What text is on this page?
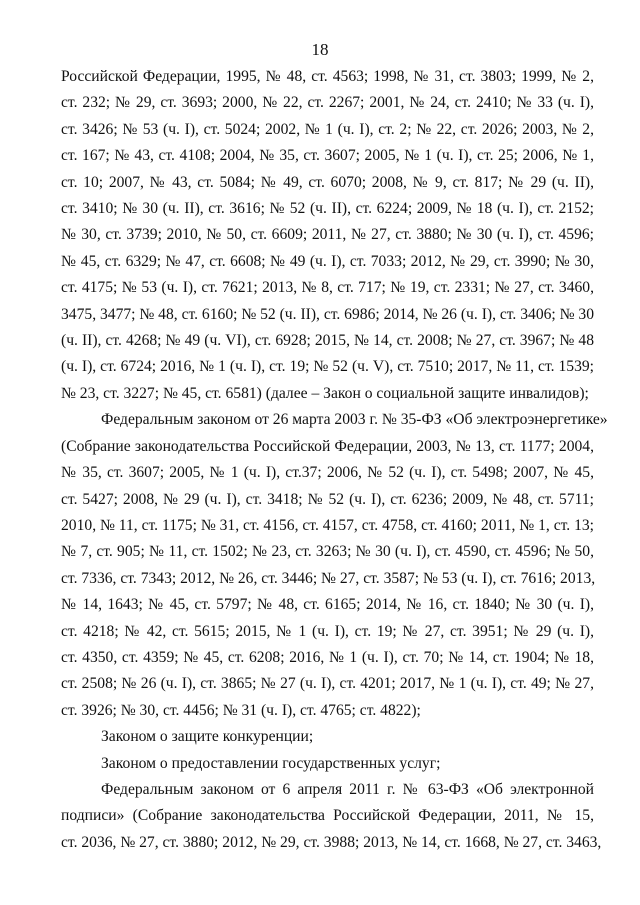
18
Российской Федерации, 1995, № 48, ст. 4563; 1998, № 31, ст. 3803; 1999, № 2,
ст. 232; № 29, ст. 3693; 2000, № 22, ст. 2267; 2001, № 24, ст. 2410; № 33 (ч. I),
ст. 3426; № 53 (ч. I), ст. 5024; 2002, № 1 (ч. I), ст. 2; № 22, ст. 2026; 2003, № 2,
ст. 167; № 43, ст. 4108; 2004, № 35, ст. 3607; 2005, № 1 (ч. I), ст. 25; 2006, № 1,
ст. 10; 2007, № 43, ст. 5084; № 49, ст. 6070; 2008, № 9, ст. 817; № 29 (ч. II),
ст. 3410; № 30 (ч. II), ст. 3616; № 52 (ч. II), ст. 6224; 2009, № 18 (ч. I), ст. 2152;
№ 30, ст. 3739; 2010, № 50, ст. 6609; 2011, № 27, ст. 3880; № 30 (ч. I), ст. 4596;
№ 45, ст. 6329; № 47, ст. 6608; № 49 (ч. I), ст. 7033; 2012, № 29, ст. 3990; № 30,
ст. 4175; № 53 (ч. I), ст. 7621; 2013, № 8, ст. 717; № 19, ст. 2331; № 27, ст. 3460,
3475, 3477; № 48, ст. 6160; № 52 (ч. II), ст. 6986; 2014, № 26 (ч. I), ст. 3406; № 30
(ч. II), ст. 4268; № 49 (ч. VI), ст. 6928; 2015, № 14, ст. 2008; № 27, ст. 3967; № 48
(ч. I), ст. 6724; 2016, № 1 (ч. I), ст. 19; № 52 (ч. V), ст. 7510; 2017, № 11, ст. 1539;
№ 23, ст. 3227; № 45, ст. 6581) (далее – Закон о социальной защите инвалидов);
Федеральным законом от 26 марта 2003 г. № 35-ФЗ «Об электроэнергетике»
(Собрание законодательства Российской Федерации, 2003, № 13, ст. 1177; 2004,
№ 35, ст. 3607; 2005, № 1 (ч. I), ст.37; 2006, № 52 (ч. I), ст. 5498; 2007, № 45,
ст. 5427; 2008, № 29 (ч. I), ст. 3418; № 52 (ч. I), ст. 6236; 2009, № 48, ст. 5711;
2010, № 11, ст. 1175; № 31, ст. 4156, ст. 4157, ст. 4758, ст. 4160; 2011, № 1, ст. 13;
№ 7, ст. 905; № 11, ст. 1502; № 23, ст. 3263; № 30 (ч. I), ст. 4590, ст. 4596; № 50,
ст. 7336, ст. 7343; 2012, № 26, ст. 3446; № 27, ст. 3587; № 53 (ч. I), ст. 7616; 2013,
№ 14, 1643; № 45, ст. 5797; № 48, ст. 6165; 2014, № 16, ст. 1840; № 30 (ч. I),
ст. 4218; № 42, ст. 5615; 2015, № 1 (ч. I), ст. 19; № 27, ст. 3951; № 29 (ч. I),
ст. 4350, ст. 4359; № 45, ст. 6208; 2016, № 1 (ч. I), ст. 70; № 14, ст. 1904; № 18,
ст. 2508; № 26 (ч. I), ст. 3865; № 27 (ч. I), ст. 4201; 2017, № 1 (ч. I), ст. 49; № 27,
ст. 3926; № 30, ст. 4456; № 31 (ч. I), ст. 4765; ст. 4822);
Законом о защите конкуренции;
Законом о предоставлении государственных услуг;
Федеральным законом от 6 апреля 2011 г. № 63-ФЗ «Об электронной
подписи» (Собрание законодательства Российской Федерации, 2011, № 15,
ст. 2036, № 27, ст. 3880; 2012, № 29, ст. 3988; 2013, № 14, ст. 1668, № 27, ст. 3463,
